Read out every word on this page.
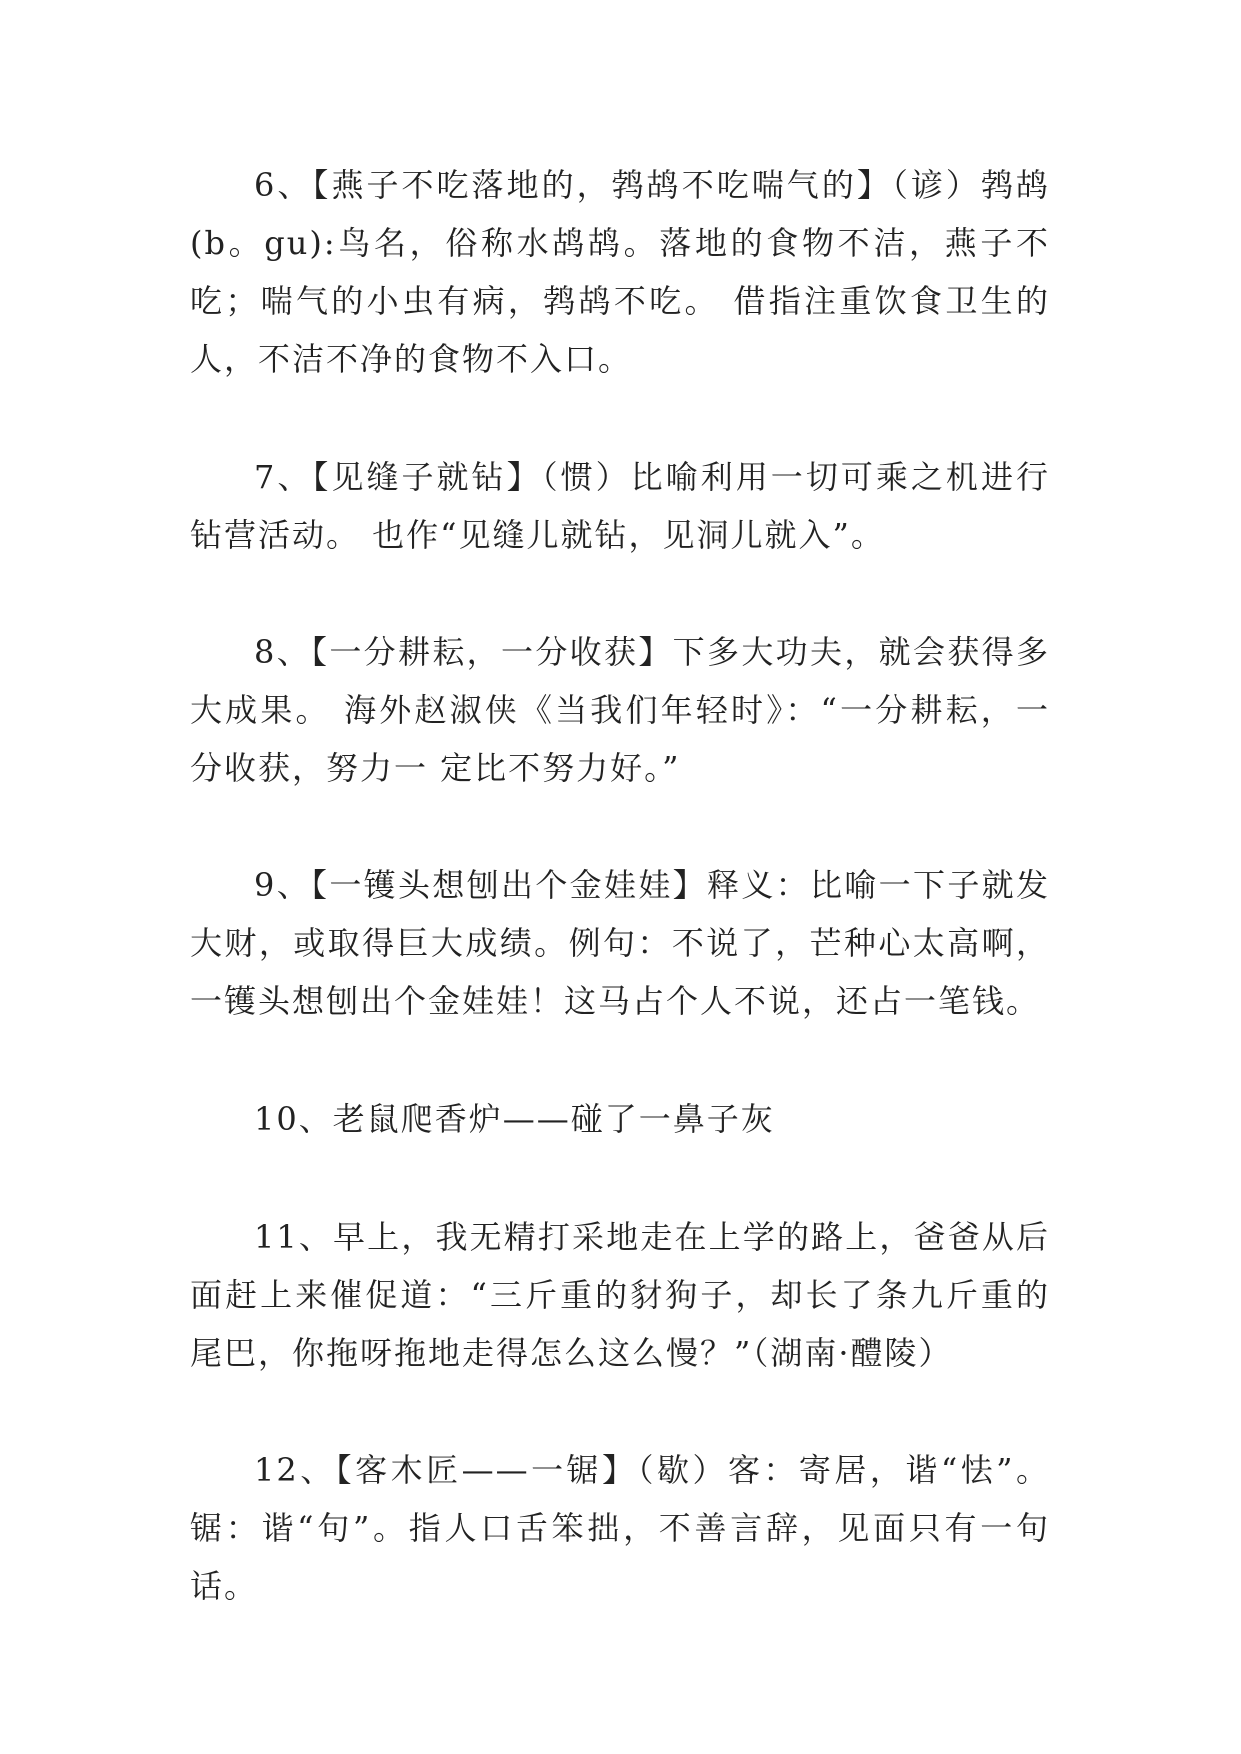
6、【燕子不吃落地的，鹁鸪不吃喘气的】（谚）鹁鸪(b。gu):鸟名，俗称水鸪鸪。落地的食物不洁，燕子不吃；喘气的小虫有病，鹁鸪不吃。 借指注重饮食卫生的人，不洁不净的食物不入口。

7、【见缝子就钻】（惯）比喻利用一切可乘之机进行钻营活动。 也作“见缝儿就钻，见洞儿就入”。

8、【一分耕耘，一分收获】下多大功夫，就会获得多大成果。 海外赵淑侠《当我们年轻时》：“一分耕耘，一分收获，努力一 定比不努力好。”

9、【一镬头想刨出个金娃娃】释义：比喻一下子就发大财，或取得巨大成绩。例句：不说了，芒种心太高啊，一镬头想刨出个金娃娃！这马占个人不说，还占一笔钱。

10、老鼠爬香炉——碰了一鼻子灰

11、早上，我无精打采地走在上学的路上，爸爸从后面赶上来催促道：“三斤重的豺狗子，却长了条九斤重的尾巴，你拖呀拖地走得怎么这么慢？”（湖南·醴陵）

12、【客木匠——一锯】（歇）客：寄居，谐“怯”。锯：谐“句”。指人口舌笨拙，不善言辞，见面只有一句话。
